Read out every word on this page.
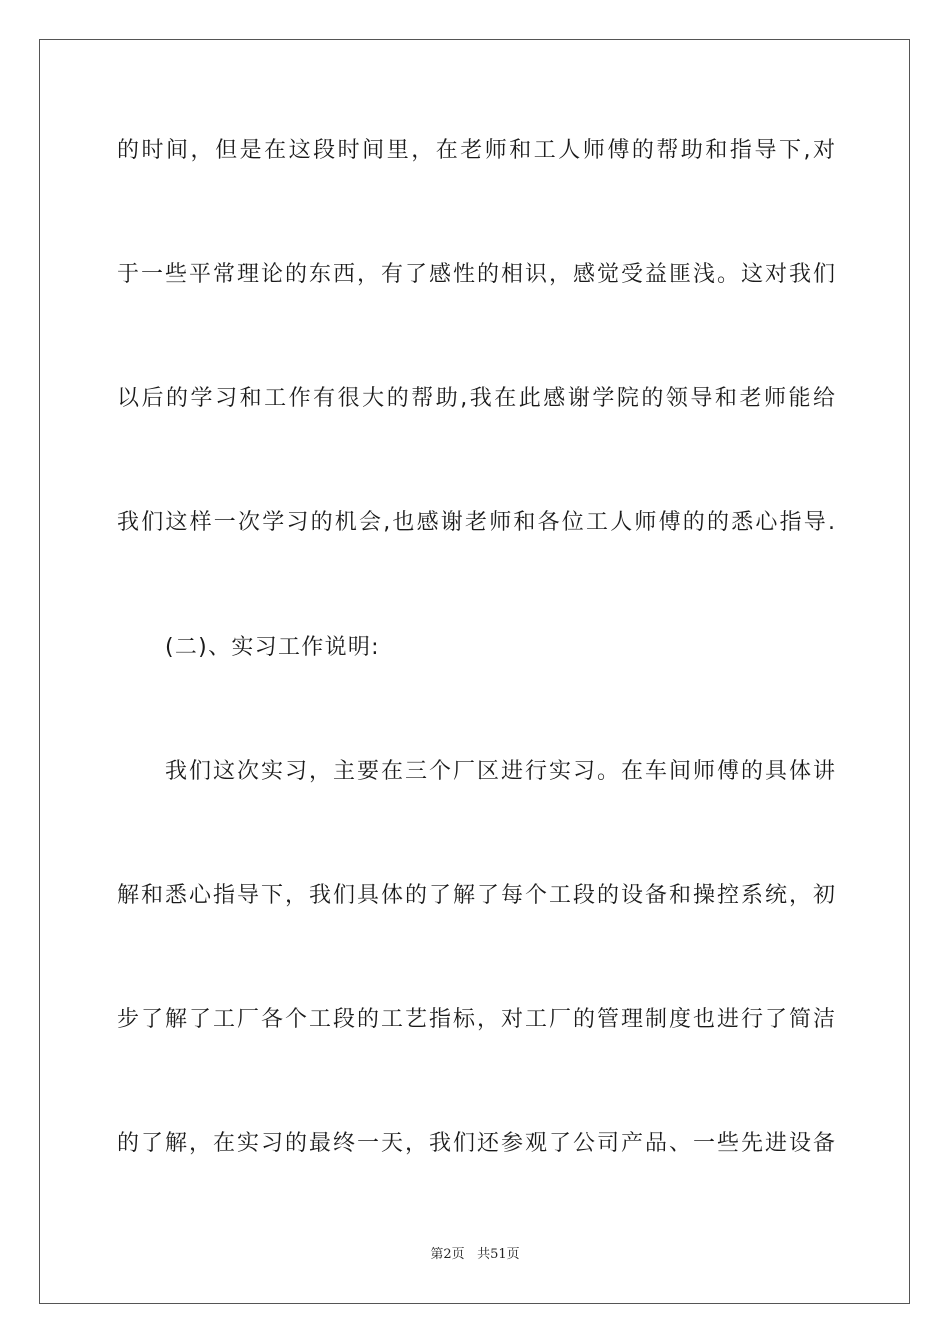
的时间，但是在这段时间里，在老师和工人师傅的帮助和指导下,对
于一些平常理论的东西，有了感性的相识，感觉受益匪浅。这对我们
以后的学习和工作有很大的帮助,我在此感谢学院的领导和老师能给
我们这样一次学习的机会,也感谢老师和各位工人师傅的的悉心指导.
(二)、实习工作说明:
我们这次实习，主要在三个厂区进行实习。在车间师傅的具体讲
解和悉心指导下，我们具体的了解了每个工段的设备和操控系统，初
步了解了工厂各个工段的工艺指标，对工厂的管理制度也进行了简洁
的了解，在实习的最终一天，我们还参观了公司产品、一些先进设备
第2页 共51页
